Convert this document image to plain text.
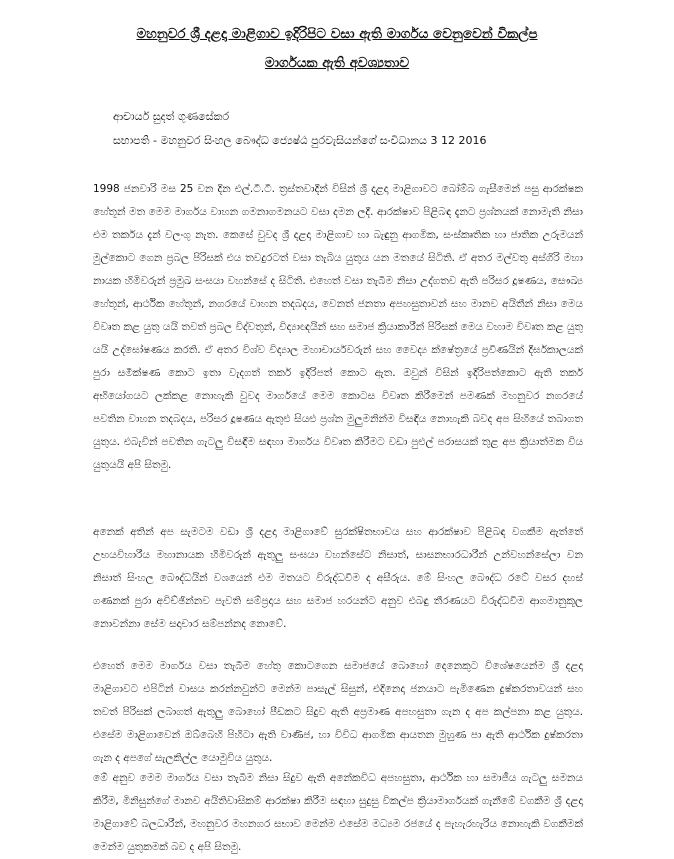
මහනුවර ශ්‍රී දළදා මාළිගාව ඉදිරිපිට වසා ඇති මාර්ගය වෙනුවෙන් විකල්ප
මාර්ගයක ඇති අවශ්‍යතාව
ආචාර්ය සුදත් ගුණසේකර
සභාපති - මහනුවර සිංහල බෞද්ධ ජ්‍යෙෂ්ඨ පුරවැසියන්ගේ සංවිධානය 3 12 2016

1998 ජනවාරි මස 25 වන දින එල්.ටී.ටී. ත්‍රස්තවාදීන් විසින් ශ්‍රී දළදා මාළිගාවට බෝම්බ ගැසීමෙන් පසු ආරක්ෂක හේතූන් මත මෙම මාර්ගය වාහන ගමනාගමනයට වසා දමන ලදී. ආරක්ෂාව පිළිබඳ දැනට ප්‍රශ්නයක් නොමැති නිසා එම තර්කය දැන් වලංගු නැත. කෙසේ වුවද ශ්‍රී දළදා මාළිගාව හා බැඳුනු ආගමික, සංස්කෘතික හා ජාතික උරුමයන් මුල්කොට ගෙන ප්‍රබල පිරිසක් එය තවදුරටත් වසා තැබිය යුතුය යන මතයේ සිටිති. ඒ අතර මල්වතු අස්ගිරි මහා නායක හිමිවරුන් ප්‍රමුඛ සංඝයා වහන්සේ ද සිටිති. එහෙත් වසා තැබීම නිසා උද්ගතව ඇති පරිසර දූෂණය, සෞඛ්‍ය හේතූන්, ආර්ථික හේතූන්, නගරයේ වාහන තදබදය, වෙනත් ජනතා අපහසුතාවන් සහ මානව අයිතීන් නිසා මෙය විවෘත කළ යුතු යයි තවත් ප්‍රබල විද්වතුන්, විද්‍යාඥයින් සහ සමාජ ක්‍රියාකාරීන් පිරිසක් මෙය වහාම විවෘත කළ යුතු යයි උද්ඝෝෂණය කරති. ඒ අතර විශ්ව විද්‍යාල මහාචාර්යවරුන් සහ වෛද්‍ය ක්ෂේත්‍රයේ ප්‍රවීණයින් දීර්ඝකාලයක් පුරා සමීක්ෂණ කොට ඉතා වැදගත් තර්ක ඉදිරිපත් කොට ඇත. ඔවුන් විසින් ඉදිරිපත්කොට ඇති තර්ක අභියෝගයට ලක්කළ නොහැකි වුවද මාර්ගයේ මෙම කොටස විවෘත කිරීමෙන් පමණක් මහනුවර නගරයේ පවතින වාහන තදබදය, පරිසර දූෂණය ඇතුළු සියළු ප්‍රශ්න මුලුමනින්ම විසඳිය නොහැකි බවද අප සිහියේ තබාගත යුතුය. එබැවින් පවතින ගැටලු විසඳීම සඳහා මාර්ගය විවෘත කිරීමට වඩා පුළුල් පරාසයක් තුළ අප ක්‍රියාත්මක විය යුතුයයි අපි සිතමු.

අනෙක් අතින් අප සැමටම වඩා ශ්‍රී දළදා මාළිගාවේ සුරක්ෂිතභාවය සහ ආරක්ෂාව පිළිබඳ වගකීම ඇත්තේ උභයවිහාරීය මහානායක හිමිවරුන් ඇතුලු සංඝයා වහන්සේට නිසාත්, සාසනභාරධාරීන් උන්වහන්සේලා වන නිසාත් සිංහල බෞද්ධයින් වශයෙන් එම මතයට විරුද්ධවීම ද අසීරුය. මේ සිංහල බෞද්ධ රටේ වසර දහස් ගණනක් පුරා අවිච්ඡින්නව පැවති සම්ප්‍රදාය සහ සමාජ හරයන්ට අනුව එබඳු තීරණයට විරුද්ධවීම ආගමානුකූල නොවන්නා සේම සදාචාර සම්පන්නද නොවේ.

එහෙත් මෙම මාර්ගය වසා තැබීම හේතු කොටගෙන සමාජයේ බොහෝ දෙනෙකුට විශේෂයෙන්ම ශ්‍රී දළදා මාළිගාවට එපිටින් වාසය කරන්නවුන්ට මෙන්ම පාසැල් සිසුන්, එදිනෙදා ජනයාට පැමිණෙන දුෂ්කරතාවයන් සහ තවත් පිරිසක් ලබාගත් ඇතුලු බොහෝ පීඩකට සිදුව ඇති අප්‍රමාණ අපහසුතා ගැන ද අප කල්පනා කළ යුතුය. එසේම මාළිගාවෙන් ඔබ්බෙහි පිහිටා ඇති වාණිජ, හා විවිධ ආගමික ආයතන මුහුණ පා ඇති ආර්ථික දුෂ්කරතා ගැන ද අපගේ සැලකිල්ල යොමුවිය යුතුය.

මේ අනුව මෙම මාර්ගය වසා තැබීම නිසා සිදුව ඇති අනේකවිධ අපහසුතා, ආර්ථික හා සමාජීය ගැටලු සමනය කිරීම, මිනිසුන්ගේ මානව අයිතිවාසිකම් ආරක්ෂා කිරීම සඳහා සුදුසු විකල්ප ක්‍රියාමාර්ගයක් ගැනීමේ වගකීම ශ්‍රී දළදා මාළිගාවේ බලධාරීන්, මහනුවර මහනගර සභාව මෙන්ම එසේම මධ්‍යම රජයේ ද පැහැරහැරිය නොහැකි වගකීමක් මෙන්ම යුතුකමක් බව ද අපි සිතමු.
